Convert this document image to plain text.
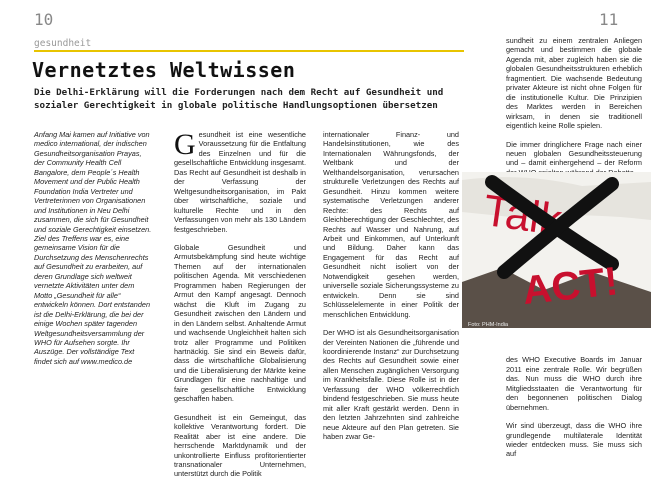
10	11
gesundheit
Vernetztes Weltwissen
Die Delhi-Erklärung will die Forderungen nach dem Recht auf Gesundheit und sozialer Gerechtigkeit in globale politische Handlungsoptionen übersetzen

Anfang Mai kamen auf Initiative von medico international, der indischen Gesundheitsorganisation Prayas, der Community Health Cell Bangalore, dem People´s Health Movement und der Public Health Foundation India Vertreter und Vertreterinnen von Organisationen und Institutionen in Neu Delhi zusammen, die sich für Gesundheit und soziale Gerechtigkeit einsetzen. Ziel des Treffens war es, eine gemeinsame Vision für die Durchsetzung des Menschenrechts auf Gesundheit zu erarbeiten, auf deren Grundlage sich weltweit vernetzte Aktivitäten unter dem Motto „Gesundheit für alle“ entwickeln können. Dort entstanden ist die Delhi-Erklärung, die bei der einige Wochen später tagenden Weltgesundheitsversammlung der WHO für Aufsehen sorgte. Ihr Auszüge. Der vollständige Text findet sich auf www.medico.de

Gesundheit ist eine wesentliche Voraussetzung für die Entfaltung des Einzelnen und für die gesellschaftliche Entwicklung insgesamt. Das Recht auf Gesundheit ist deshalb in der Verfassung der Weltgesundheitsorganisation, im Pakt über wirtschaftliche, soziale und kulturelle Rechte und in den Verfassungen von mehr als 130 Ländern festgeschrieben.

Globale Gesundheit und Armutsbekämpfung sind heute wichtige Themen auf der internationalen politischen Agenda. Mit verschiedenen Programmen haben Regierungen der Armut den Kampf angesagt. Dennoch wächst die Kluft im Zugang zu Gesundheit zwischen den Ländern und in den Ländern selbst. Anhaltende Armut und wachsende Ungleichheit halten sich trotz aller Programme und Politiken hartnäckig. Sie sind ein Beweis dafür, dass die wirtschaftliche Globalisierung und die Liberalisierung der Märkte keine Grundlagen für eine nachhaltige und faire gesellschaftliche Entwicklung geschaffen haben.

Gesundheit ist ein Gemeingut, das kollektive Verantwortung fordert. Die Realität aber ist eine andere. Die herrschende Marktdynamik und der unkontrollierte Einfluss profitorientierter transnationaler Unternehmen, unterstützt durch die Politik

internationaler Finanz- und Handelsinstitutionen, wie des Internationalen Währungsfonds, der Weltbank und der Welthandelsorganisation, verursachen strukturelle Verletzungen des Rechts auf Gesundheit. Hinzu kommen weitere systematische Verletzungen anderer Rechte: des Rechts auf Gleichberechtigung der Geschlechter, des Rechts auf Wasser und Nahrung, auf Arbeit und Einkommen, auf Unterkunft und Bildung. Daher kann das Engagement für das Recht auf Gesundheit nicht isoliert von der Notwendigkeit gesehen werden, universelle soziale Sicherungssysteme zu entwickeln. Denn sie sind Schlüsselelemente in einer Politik der menschlichen Entwicklung.

Der WHO ist als Gesundheitsorganisation der Vereinten Nationen die „führende und koordinierende Instanz“ zur Durchsetzung des Rechts auf Gesundheit sowie einer allen Menschen zugänglichen Versorgung im Krankheitsfalle. Diese Rolle ist in der Verfassung der WHO völkerrechtlich bindend festgeschrieben. Sie muss heute mit aller Kraft gestärkt werden. Denn in den letzten Jahrzehnten sind zahlreiche neue Akteure auf den Plan getreten. Sie haben zwar Ge-

sundheit zu einem zentralen Anliegen gemacht und bestimmen die globale Agenda mit, aber zugleich haben sie die globalen Gesundheitsstrukturen erheblich fragmentiert. Die wachsende Bedeutung privater Akteure ist nicht ohne Folgen für die institutionelle Kultur. Die Prinzipien des Marktes werden in Bereichen wirksam, in denen sie traditionell eigentlich keine Rolle spielen.

Die immer dringlichere Frage nach einer neuen globalen Gesundheitssteuerung und – damit einhergehend – der Reform

des WHO Executive Boards im Januar 2011 eine zentrale Rolle. Wir begrüßen das. Nun muss die WHO durch ihre Mitgliedsstaaten die Verantwortung für den begonnenen politischen Dialog übernehmen.

Wir sind überzeugt, dass die WHO ihre grundlegende multilaterale Identität wieder entdecken muss. Sie muss sich auf

Talk
ACT!
Foto: PHM-India
